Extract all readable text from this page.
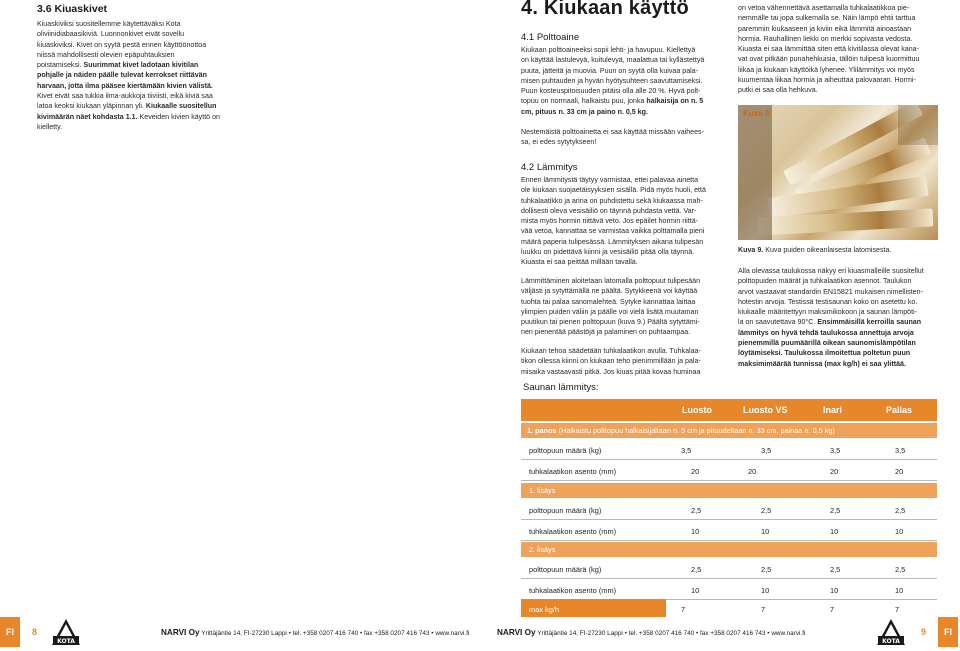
3.6 Kiuaskivet
Kiuaskiviksi suositellemme käytettäväksi Kota
oliviinidiabaasikiviä. Luonnonkivet eivät sovellu
kiuaskiviksi. Kivet on syytä pestä ennen käyttöönottoa
niissä mahdollisesti olevien epäpuhtauksien
poistamiseksi. Suurimmat kivet ladotaan kivitilan
pohjalle ja näiden päälle tulevat kerrokset riittävän
harvaan, jotta ilma pääsee kiertämään kivien välistä.
Kivet eivät saa tukkia ilma-aukkoja tiiviisti, eikä kiviä saa
latoa keoksi kiukaan yläpinnan yli. Kiukaalle suositellun
kivimäärän näet kohdasta 1.1. Keveiden kivien käyttö on
kielletty.
4. Kiukaan käyttö
4.1 Polttoaine
Kiukaan polttoaineeksi sopii lehti- ja havupuu. Kiellettyä
on käyttää lastulevyä, kuitulevyä, maalattua tai kyllästettyä
puuta, jätteitä ja muovia. Puun on syytä olla kuivaa pala-
misen puhtauden ja hyvän hyötysuhteen saavuttamiseksi.
Puun kosteuspitoisuuden pitäisi olla alle 20 %. Hyvä polt-
topuu on normaali, halkaistu puu, jonka halkaisija on n. 5
cm, pituus n. 33 cm ja paino n. 0,5 kg.
Nestemäistä polttoainetta ei saa käyttää missään vaihees-
sa, ei edes sytytykseen!
4.2 Lämmitys
Ennen lämmitystä täytyy varmistaa, ettei palavaa ainetta
ole kiukaan suojaetäisyyksien sisällä. Pidä myös huoli, että
tuhkalaatikko ja arina on puhdistettu sekä kiukaassa mah-
dollisesti oleva vesisäiliö on täynnä puhdasta vettä. Var-
mista myös hormin riittävä veto. Jos epäilet hormin riittä-
vää vetoa, kannattaa se varmistaa vaikka polttamalla pieni
määrä paperia tulipesässä. Lämmityksen aikana tulipesän
luukku on pidettävä kiinni ja vesisäiliö pitää olla täynnä.
Kiuasta ei saa peittää millään tavalla.
Lämmittäminen aloitetaan latomalla polttopuut tulipesään
väljästi ja sytyttämällä ne päältä. Sytykkeenä voi käyttää
tuohta tai palaa sanomalehteä. Sytyke kannattaa laittaa
ylimpien puiden väliin ja päälle voi vielä lisätä muutaman
puutikun tai pienen polttopuun (kuva 9.) Päältä sytyttämi-
nen pienentää päästöjä ja palaminen on puhtaampaa.
Kiukaan tehoa säädetään tuhkalaatikon avulla. Tuhkalaa-
tikon ollessa kiinni on kiukaan teho pienimmillään ja pala-
misaika vastaavasti pitkä. Jos kiuas pitää kovaa huminaa
on vetoa vähennettävä asettamalla tuhkalaatikkoa pie-
nemmälle tai jopa sulkemalla se. Näin lämpö ehtii tarttua
paremmin kiukaaseen ja kiviin eikä lämmitä ainoastaan
hormia. Rauhallinen liekki on merkki sopivasta vedosta.
Kiuasta ei saa lämmittää siten että kivitilassa olevat kana-
vat ovat pitkään punahehkuisia, tällöin tulipesä kuormittuu
liikaa ja kiukaan käyttöikä lyhenee. Ylilämmitys voi myös
kuumentaa liikaa hormia ja aiheuttaa palovaaran. Hormi-
putki ei saa olla hehkuva.
Kuva 9.
Kuva 9. Kuva puiden oikeanlaisesta latomisesta.
Alla olevassa taulukossa näkyy eri kiuasmalleille suositellut
polttopuiden määrät ja tuhkalaatikon asennot. Taulukon
arvot vastaavat standardin EN15821 mukaisen nimellisten-
hotestin arvoja. Testissä testisaunan koko on asetettu ko.
kiukaalle määritettyyn maksimikokoon ja saunan lämpöti-
la on saavutettava 90°C. Ensimmäisillä kerroilla saunan
lämmitys on hyvä tehdä taulukossa annettuja arvoja
pienemmillä puumäärillä oikean saunomislämpötilan
löytämiseksi. Taulukossa ilmoitettua poltetun puun
maksimimäärää tunnissa (max kg/h) ei saa ylittää.
Saunan lämmitys:
Luosto	Luosto VS	Inari	Pallas
1. panos (Halkaistu polttopuu halkaisijaltaan n. 5 cm ja pituudeltaan n. 33 cm, painaa n. 0,5 kg)
polttopuun määrä (kg)	3,5	3,5	3,5	3,5
tuhkalaatikon asento (mm)	20	20	20	20
1. lisäys
polttopuun määrä (kg)	2,5	2,5	2,5	2,5
tuhkalaatikon asento (mm)	10	10	10	10
2. lisäys
polttopuun määrä (kg)	2,5	2,5	2,5	2,5
tuhkalaatikon asento (mm)	10	10	10	10
max kg/h	7	7	7	7
FI	8
KOTA
NARVI Oy Yrittäjäntie 14, FI-27230 Lappi • tel. +358 0207 416 740 • fax +358 0207 416 743 • www.narvi.fi	NARVI Oy Yrittäjäntie 14, FI-27230 Lappi • tel. +358 0207 416 740 • fax +358 0207 416 743 • www.narvi.fi
KOTA
9	FI
